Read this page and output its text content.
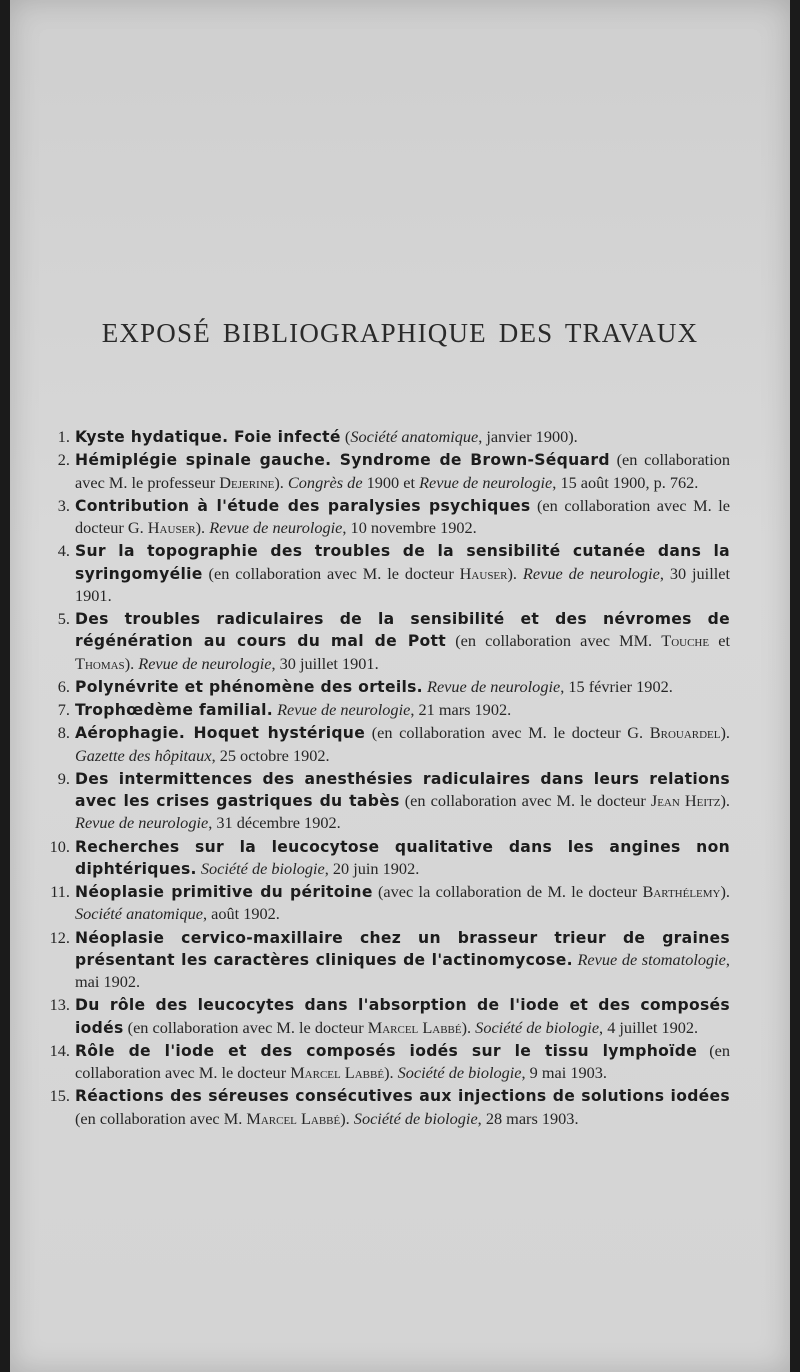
EXPOSÉ BIBLIOGRAPHIQUE DES TRAVAUX
1. Kyste hydatique. Foie infecté (Société anatomique, janvier 1900).
2. Hémiplégie spinale gauche. Syndrome de Brown-Séquard (en collaboration avec M. le professeur Dejerine). Congrès de 1900 et Revue de neurologie, 15 août 1900, p. 762.
3. Contribution à l'étude des paralysies psychiques (en collaboration avec M. le docteur G. Hauser). Revue de neurologie, 10 novembre 1902.
4. Sur la topographie des troubles de la sensibilité cutanée dans la syringomyélie (en collaboration avec M. le docteur Hauser). Revue de neurologie, 30 juillet 1901.
5. Des troubles radiculaires de la sensibilité et des névromes de régénération au cours du mal de Pott (en collaboration avec MM. Touche et Thomas). Revue de neurologie, 30 juillet 1901.
6. Polynévrite et phénomène des orteils. Revue de neurologie, 15 février 1902.
7. Trophœdème familial. Revue de neurologie, 21 mars 1902.
8. Aérophagie. Hoquet hystérique (en collaboration avec M. le docteur G. Brouardel). Gazette des hôpitaux, 25 octobre 1902.
9. Des intermittences des anesthésies radiculaires dans leurs relations avec les crises gastriques du tabès (en collaboration avec M. le docteur Jean Heitz). Revue de neurologie, 31 décembre 1902.
10. Recherches sur la leucocytose qualitative dans les angines non diphtériques. Société de biologie, 20 juin 1902.
11. Néoplasie primitive du péritoine (avec la collaboration de M. le docteur Barthélemy). Société anatomique, août 1902.
12. Néoplasie cervico-maxillaire chez un brasseur trieur de graines présentant les caractères cliniques de l'actinomycose. Revue de stomatologie, mai 1902.
13. Du rôle des leucocytes dans l'absorption de l'iode et des composés iodés (en collaboration avec M. le docteur Marcel Labbé). Société de biologie, 4 juillet 1902.
14. Rôle de l'iode et des composés iodés sur le tissu lymphoïde (en collaboration avec M. le docteur Marcel Labbé). Société de biologie, 9 mai 1903.
15. Réactions des séreuses consécutives aux injections de solutions iodées (en collaboration avec M. Marcel Labbé). Société de biologie, 28 mars 1903.
